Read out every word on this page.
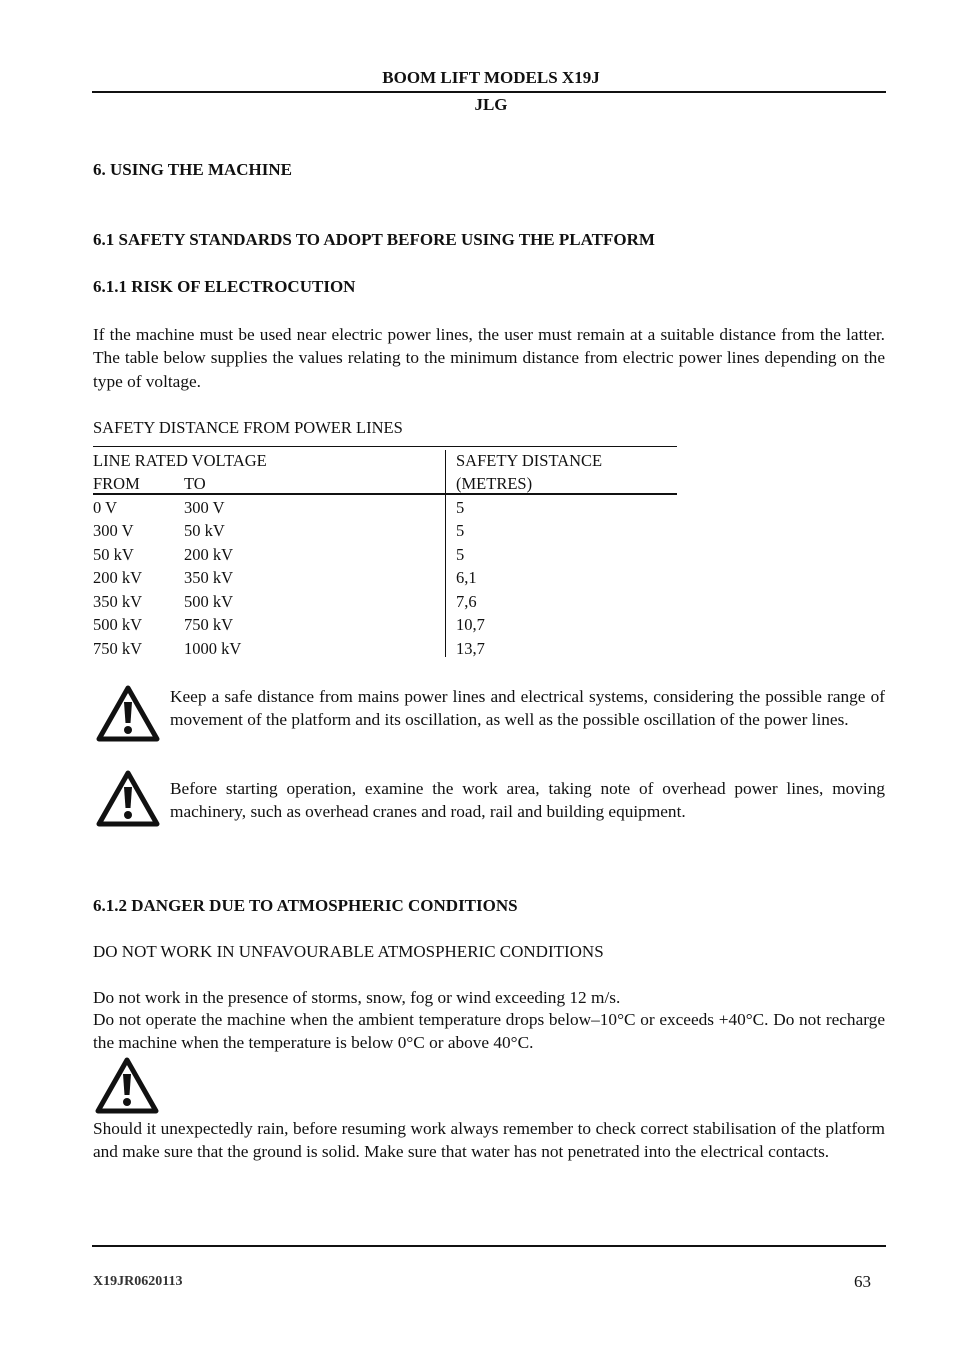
BOOM LIFT MODELS X19J
JLG
6. USING THE MACHINE
6.1 SAFETY STANDARDS TO ADOPT BEFORE USING THE PLATFORM
6.1.1 RISK OF ELECTROCUTION
If the machine must be used near electric power lines, the user must remain at a suitable distance from the latter. The table below supplies the values relating to the minimum distance from electric power lines depending on the type of voltage.
SAFETY DISTANCE FROM POWER LINES
LINE RATED VOLTAGE	SAFETY DISTANCE
FROM	TO	(METRES)
0 V	300 V	5
300 V	50 kV	5
50 kV	200 kV	5
200 kV	350 kV	6,1
350 kV	500 kV	7,6
500 kV	750 kV	10,7
750 kV	1000 kV	13,7
Keep a safe distance from mains power lines and electrical systems, considering the possible range of movement of the platform and its oscillation, as well as the possible oscillation of the power lines.
Before starting operation, examine the work area, taking note of overhead power lines, moving machinery, such as overhead cranes and road, rail and building equipment.
6.1.2 DANGER DUE TO ATMOSPHERIC CONDITIONS
DO NOT WORK IN UNFAVOURABLE ATMOSPHERIC CONDITIONS
Do not work in the presence of storms, snow, fog or wind exceeding 12 m/s.
Do not operate the machine when the ambient temperature drops below–10°C or exceeds +40°C. Do not recharge the machine when the temperature is below 0°C or above 40°C.
Should it unexpectedly rain, before resuming work always remember to check correct stabilisation of the platform and make sure that the ground is solid. Make sure that water has not penetrated into the electrical contacts.
X19JR0620113	63
